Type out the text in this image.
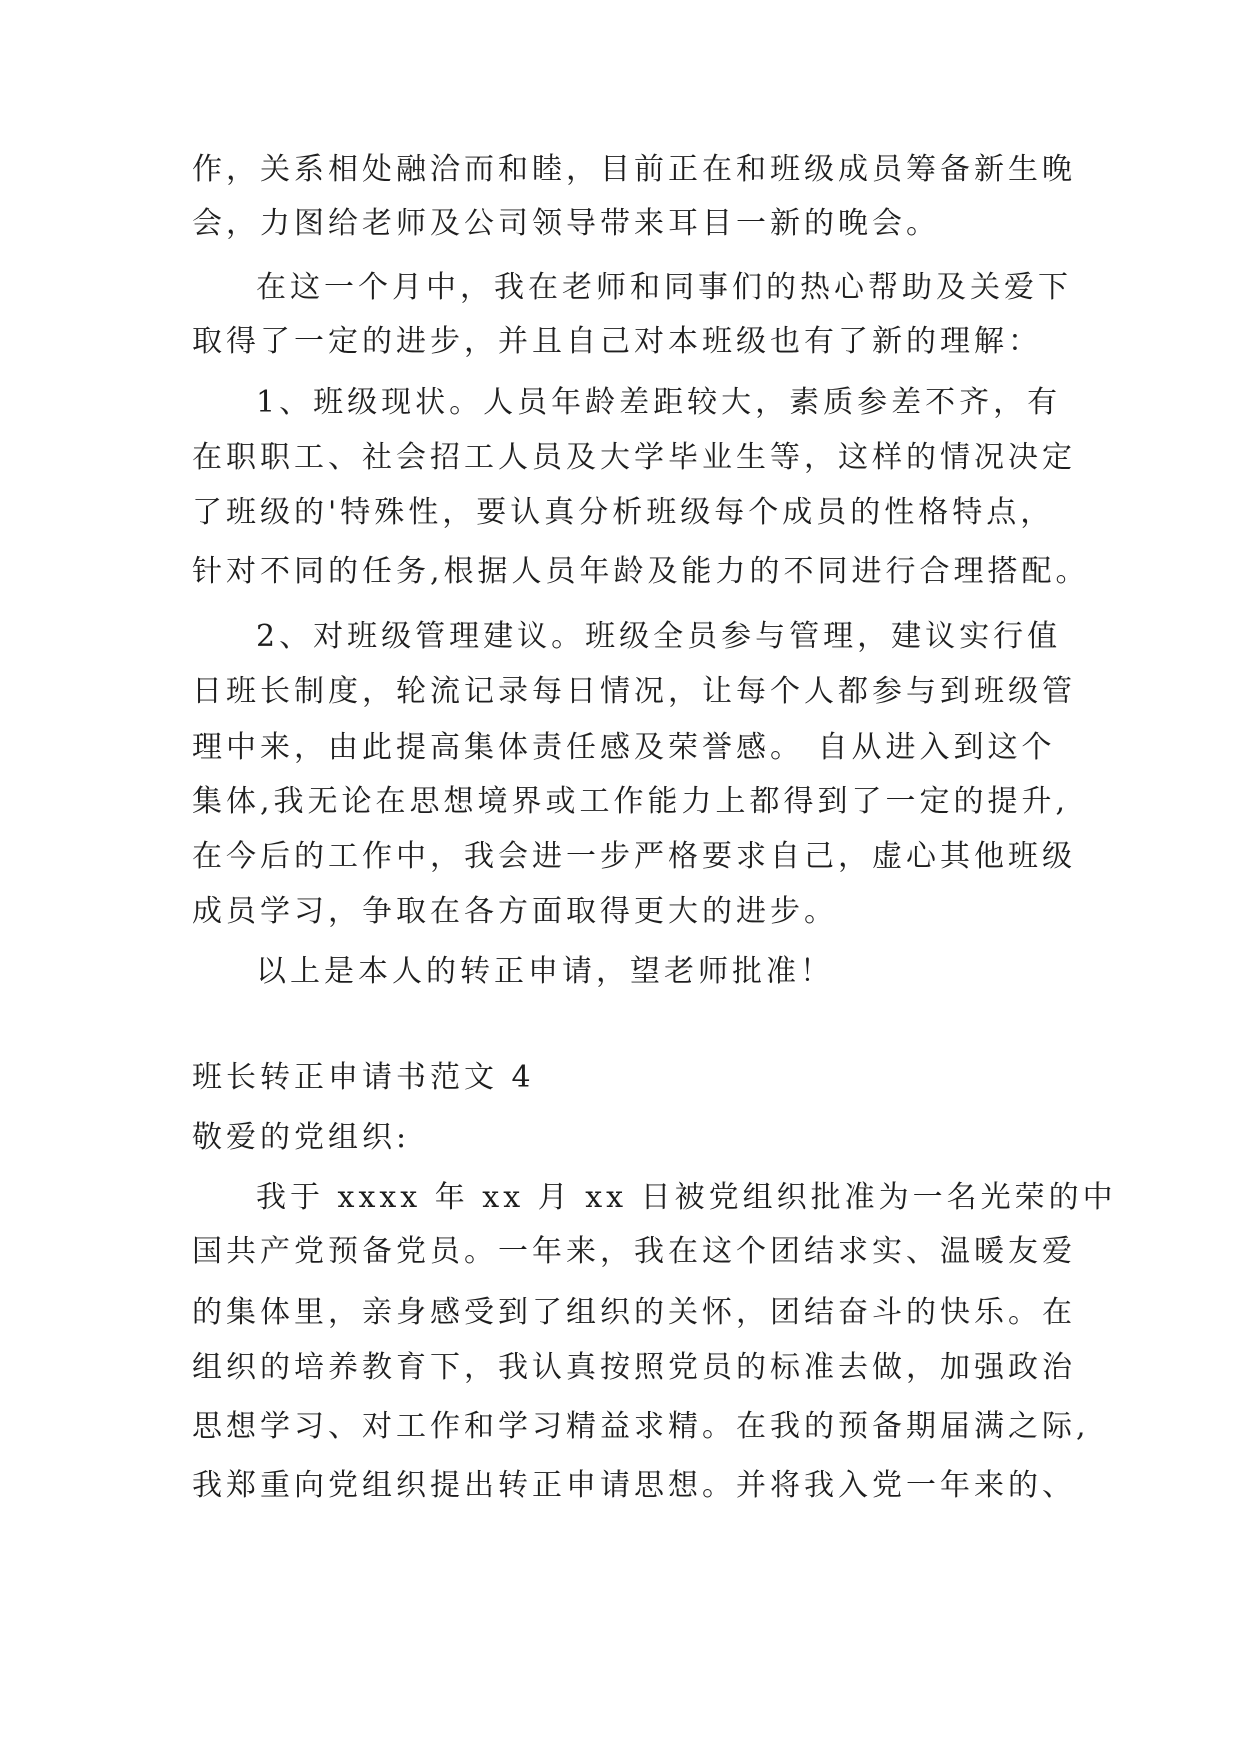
作，关系相处融洽而和睦，目前正在和班级成员筹备新生晚

会，力图给老师及公司领导带来耳目一新的晚会。

在这一个月中，我在老师和同事们的热心帮助及关爱下

取得了一定的进步，并且自己对本班级也有了新的理解：

1、班级现状。人员年龄差距较大，素质参差不齐，有

在职职工、社会招工人员及大学毕业生等，这样的情况决定

了班级的'特殊性，要认真分析班级每个成员的性格特点，

针对不同的任务,根据人员年龄及能力的不同进行合理搭配。

2、对班级管理建议。班级全员参与管理，建议实行值

日班长制度，轮流记录每日情况，让每个人都参与到班级管

理中来，由此提高集体责任感及荣誉感。 自从进入到这个

集体,我无论在思想境界或工作能力上都得到了一定的提升,

在今后的工作中，我会进一步严格要求自己，虚心其他班级

成员学习，争取在各方面取得更大的进步。

以上是本人的转正申请，望老师批准！

班长转正申请书范文 4

敬爱的党组织:

我于 xxxx 年 xx 月 xx 日被党组织批准为一名光荣的中

国共产党预备党员。一年来，我在这个团结求实、温暖友爱

的集体里，亲身感受到了组织的关怀，团结奋斗的快乐。在

组织的培养教育下，我认真按照党员的标准去做，加强政治

思想学习、对工作和学习精益求精。在我的预备期届满之际,

我郑重向党组织提出转正申请思想。并将我入党一年来的、
